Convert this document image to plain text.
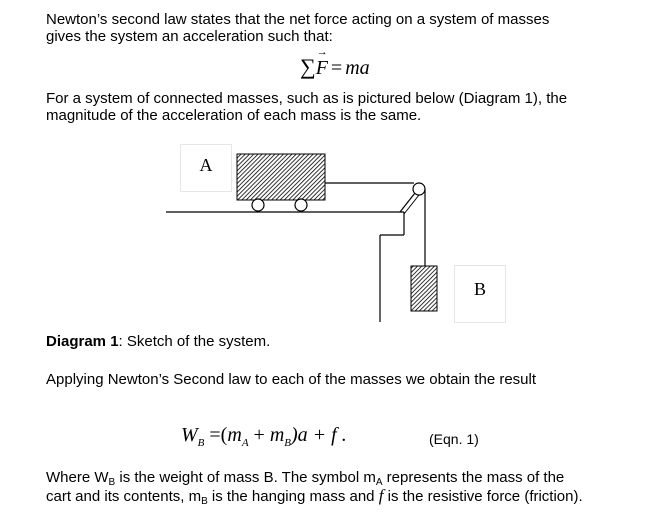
Newton’s second law states that the net force acting on a system of masses

gives the system an acceleration such that:

∑→ F = ma

For a system of connected masses, such as is pictured below (Diagram 1), the

magnitude of the acceleration of each mass is the same.

A
B
Diagram 1: Sketch of the system.

Applying Newton’s Second law to each of the masses we obtain the result

$W_B =(m_A + m_B)a + f$ .	(Eqn. 1)

Where $W_B$ is the weight of mass B. The symbol $m_A$ represents the mass of the

cart and its contents, $m_B$ is the hanging mass and f is the resistive force (friction).
